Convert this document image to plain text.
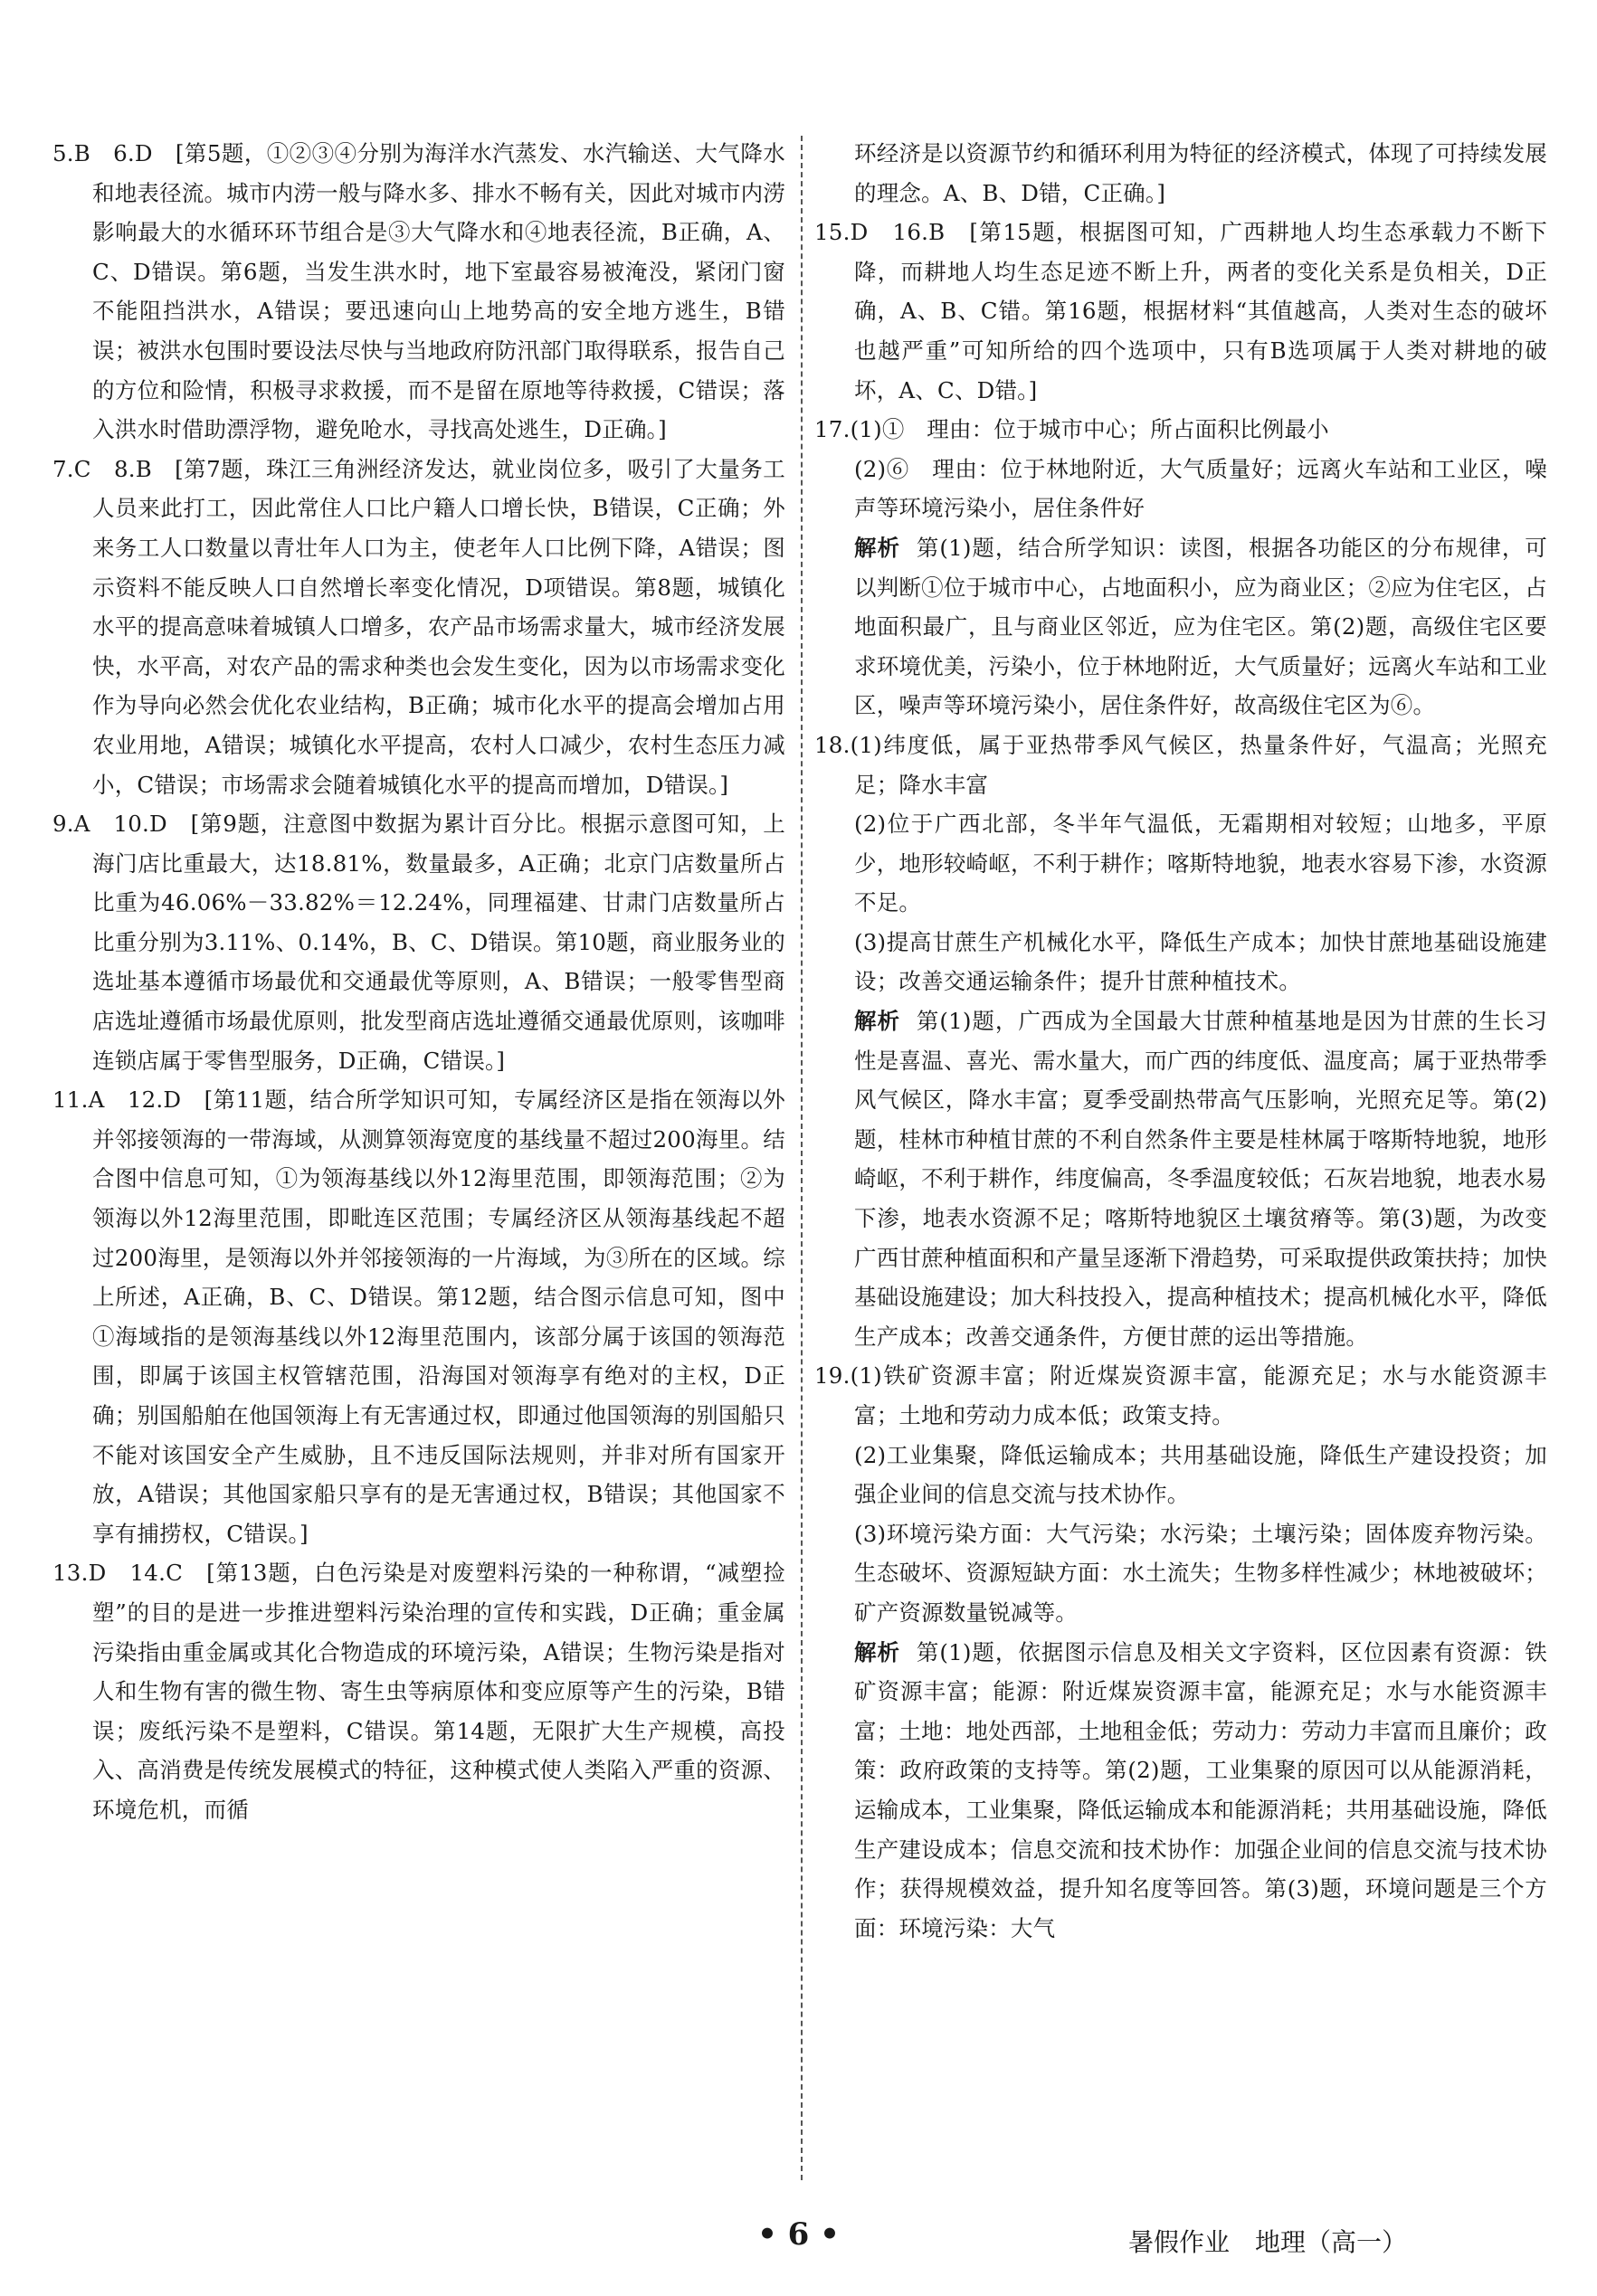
5.B　6.D　[第5题，①②③④分别为海洋水汽蒸发、水汽输送、大气降水和地表径流。城市内涝一般与降水多、排水不畅有关，因此对城市内涝影响最大的水循环环节组合是③大气降水和④地表径流，B正确，A、C、D错误。第6题，当发生洪水时，地下室最容易被淹没，紧闭门窗不能阻挡洪水，A错误；要迅速向山上地势高的安全地方逃生，B错误；被洪水包围时要设法尽快与当地政府防汛部门取得联系，报告自己的方位和险情，积极寻求救援，而不是留在原地等待救援，C错误；落入洪水时借助漂浮物，避免呛水，寻找高处逃生，D正确。]

7.C　8.B　[第7题，珠江三角洲经济发达，就业岗位多，吸引了大量务工人员来此打工，因此常住人口比户籍人口增长快，B错误，C正确；外来务工人口数量以青壮年人口为主，使老年人口比例下降，A错误；图示资料不能反映人口自然增长率变化情况，D项错误。第8题，城镇化水平的提高意味着城镇人口增多，农产品市场需求量大，城市经济发展快，水平高，对农产品的需求种类也会发生变化，因为以市场需求变化作为导向必然会优化农业结构，B正确；城市化水平的提高会增加占用农业用地，A错误；城镇化水平提高，农村人口减少，农村生态压力减小，C错误；市场需求会随着城镇化水平的提高而增加，D错误。]

9.A　10.D　[第9题，注意图中数据为累计百分比。根据示意图可知，上海门店比重最大，达18.81%，数量最多，A正确；北京门店数量所占比重为46.06%－33.82%＝12.24%，同理福建、甘肃门店数量所占比重分别为3.11%、0.14%，B、C、D错误。第10题，商业服务业的选址基本遵循市场最优和交通最优等原则，A、B错误；一般零售型商店选址遵循市场最优原则，批发型商店选址遵循交通最优原则，该咖啡连锁店属于零售型服务，D正确，C错误。]

11.A　12.D　[第11题，结合所学知识可知，专属经济区是指在领海以外并邻接领海的一带海域，从测算领海宽度的基线量不超过200海里。结合图中信息可知，①为领海基线以外12海里范围，即领海范围；②为领海以外12海里范围，即毗连区范围；专属经济区从领海基线起不超过200海里，是领海以外并邻接领海的一片海域，为③所在的区域。综上所述，A正确，B、C、D错误。第12题，结合图示信息可知，图中①海域指的是领海基线以外12海里范围内，该部分属于该国的领海范围，即属于该国主权管辖范围，沿海国对领海享有绝对的主权，D正确；别国船舶在他国领海上有无害通过权，即通过他国领海的别国船只不能对该国安全产生威胁，且不违反国际法规则，并非对所有国家开放，A错误；其他国家船只享有的是无害通过权，B错误；其他国家不享有捕捞权，C错误。]

13.D　14.C　[第13题，白色污染是对废塑料污染的一种称谓，“减塑捡塑”的目的是进一步推进塑料污染治理的宣传和实践，D正确；重金属污染指由重金属或其化合物造成的环境污染，A错误；生物污染是指对人和生物有害的微生物、寄生虫等病原体和变应原等产生的污染，B错误；废纸污染不是塑料，C错误。第14题，无限扩大生产规模，高投入、高消费是传统发展模式的特征，这种模式使人类陷入严重的资源、环境危机，而循

环经济是以资源节约和循环利用为特征的经济模式，体现了可持续发展的理念。A、B、D错，C正确。]

15.D　16.B　[第15题，根据图可知，广西耕地人均生态承载力不断下降，而耕地人均生态足迹不断上升，两者的变化关系是负相关，D正确，A、B、C错。第16题，根据材料“其值越高，人类对生态的破坏也越严重”可知所给的四个选项中，只有B选项属于人类对耕地的破坏，A、C、D错。]

17.(1)①　理由：位于城市中心；所占面积比例最小

(2)⑥　理由：位于林地附近，大气质量好；远离火车站和工业区，噪声等环境污染小，居住条件好

解析 第(1)题，结合所学知识：读图，根据各功能区的分布规律，可以判断①位于城市中心，占地面积小，应为商业区；②应为住宅区，占地面积最广，且与商业区邻近，应为住宅区。第(2)题，高级住宅区要求环境优美，污染小，位于林地附近，大气质量好；远离火车站和工业区，噪声等环境污染小，居住条件好，故高级住宅区为⑥。

18.(1)纬度低，属于亚热带季风气候区，热量条件好，气温高；光照充足；降水丰富

(2)位于广西北部，冬半年气温低，无霜期相对较短；山地多，平原少，地形较崎岖，不利于耕作；喀斯特地貌，地表水容易下渗，水资源不足。

(3)提高甘蔗生产机械化水平，降低生产成本；加快甘蔗地基础设施建设；改善交通运输条件；提升甘蔗种植技术。

解析 第(1)题，广西成为全国最大甘蔗种植基地是因为甘蔗的生长习性是喜温、喜光、需水量大，而广西的纬度低、温度高；属于亚热带季风气候区，降水丰富；夏季受副热带高气压影响，光照充足等。第(2)题，桂林市种植甘蔗的不利自然条件主要是桂林属于喀斯特地貌，地形崎岖，不利于耕作，纬度偏高，冬季温度较低；石灰岩地貌，地表水易下渗，地表水资源不足；喀斯特地貌区土壤贫瘠等。第(3)题，为改变广西甘蔗种植面积和产量呈逐渐下滑趋势，可采取提供政策扶持；加快基础设施建设；加大科技投入，提高种植技术；提高机械化水平，降低生产成本；改善交通条件，方便甘蔗的运出等措施。

19.(1)铁矿资源丰富；附近煤炭资源丰富，能源充足；水与水能资源丰富；土地和劳动力成本低；政策支持。

(2)工业集聚，降低运输成本；共用基础设施，降低生产建设投资；加强企业间的信息交流与技术协作。

(3)环境污染方面：大气污染；水污染；土壤污染；固体废弃物污染。生态破坏、资源短缺方面：水土流失；生物多样性减少；林地被破坏；矿产资源数量锐减等。

解析 第(1)题，依据图示信息及相关文字资料，区位因素有资源：铁矿资源丰富；能源：附近煤炭资源丰富，能源充足；水与水能资源丰富；土地：地处西部，土地租金低；劳动力：劳动力丰富而且廉价；政策：政府政策的支持等。第(2)题，工业集聚的原因可以从能源消耗，运输成本，工业集聚，降低运输成本和能源消耗；共用基础设施，降低生产建设成本；信息交流和技术协作：加强企业间的信息交流与技术协作；获得规模效益，提升知名度等回答。第(3)题，环境问题是三个方面：环境污染：大气

• 6 •	暑假作业　地理（高一）
